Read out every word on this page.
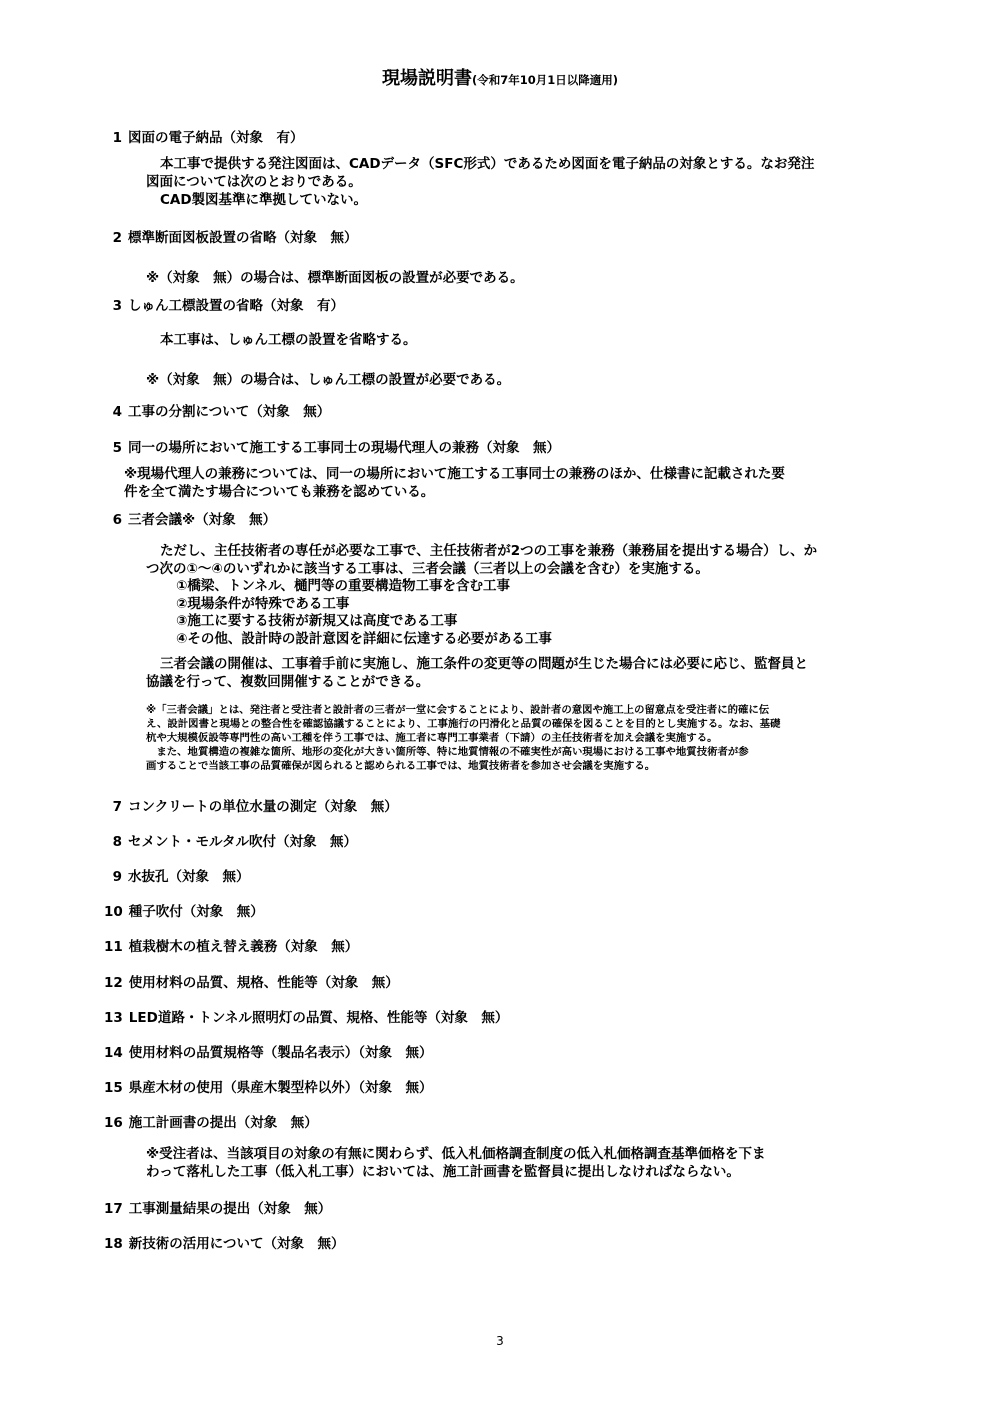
現場説明書(令和7年10月1日以降適用)
1 図面の電子納品（対象　有）
本工事で提供する発注図面は、CADデータ（SFC形式）であるため図面を電子納品の対象とする。なお発注
図面については次のとおりである。
CAD製図基準に準拠していない。
2 標準断面図板設置の省略（対象　無）
※（対象　無）の場合は、標準断面図板の設置が必要である。
3 しゅん工標設置の省略（対象　有）
本工事は、しゅん工標の設置を省略する。
※（対象　無）の場合は、しゅん工標の設置が必要である。
4 工事の分割について（対象　無）
5 同一の場所において施工する工事同士の現場代理人の兼務（対象　無）
※現場代理人の兼務については、同一の場所において施工する工事同士の兼務のほか、仕様書に記載された要
件を全て満たす場合についても兼務を認めている。
6 三者会議※（対象　無）
ただし、主任技術者の専任が必要な工事で、主任技術者が2つの工事を兼務（兼務届を提出する場合）し、か
つ次の①～④のいずれかに該当する工事は、三者会議（三者以上の会議を含む）を実施する。
①橋梁、トンネル、樋門等の重要構造物工事を含む工事
②現場条件が特殊である工事
③施工に要する技術が新規又は高度である工事
④その他、設計時の設計意図を詳細に伝達する必要がある工事
三者会議の開催は、工事着手前に実施し、施工条件の変更等の問題が生じた場合には必要に応じ、監督員と
協議を行って、複数回開催することができる。
※「三者会議」とは、発注者と受注者と設計者の三者が一堂に会することにより、設計者の意図や施工上の留意点を受注者に的確に伝
え、設計図書と現場との整合性を確認協議することにより、工事施行の円滑化と品質の確保を図ることを目的とし実施する。なお、基礎
杭や大規模仮設等専門性の高い工種を伴う工事では、施工者に専門工事業者（下請）の主任技術者を加え会議を実施する。
　また、地質構造の複雑な箇所、地形の変化が大きい箇所等、特に地質情報の不確実性が高い現場における工事や地質技術者が参
画することで当該工事の品質確保が図られると認められる工事では、地質技術者を参加させ会議を実施する。
7 コンクリートの単位水量の測定（対象　無）
8 セメント・モルタル吹付（対象　無）
9 水抜孔（対象　無）
10 種子吹付（対象　無）
11 植栽樹木の植え替え義務（対象　無）
12 使用材料の品質、規格、性能等（対象　無）
13 LED道路・トンネル照明灯の品質、規格、性能等（対象　無）
14 使用材料の品質規格等（製品名表示）（対象　無）
15 県産木材の使用（県産木製型枠以外）（対象　無）
16 施工計画書の提出（対象　無）
※受注者は、当該項目の対象の有無に関わらず、低入札価格調査制度の低入札価格調査基準価格を下ま
わって落札した工事（低入札工事）においては、施工計画書を監督員に提出しなければならない。
17 工事測量結果の提出（対象　無）
18 新技術の活用について（対象　無）
3
